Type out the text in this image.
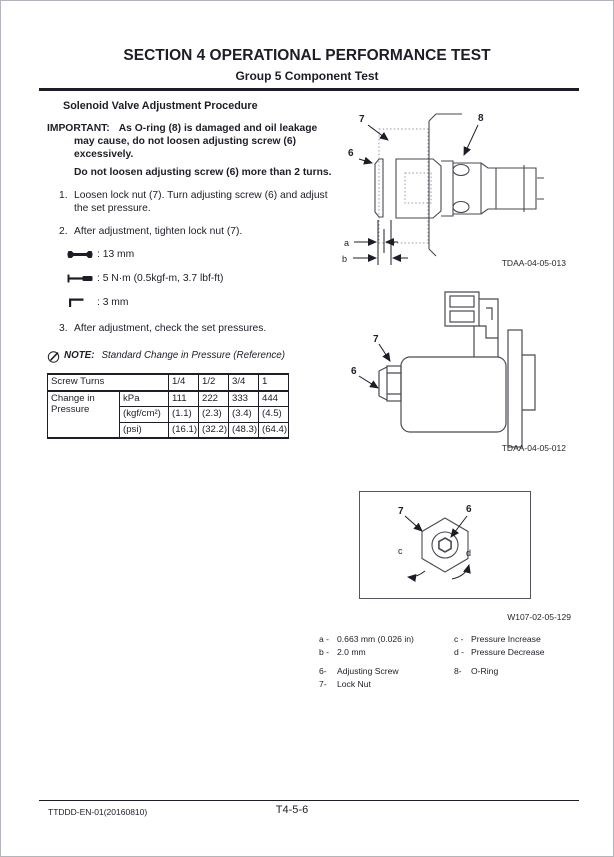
SECTION 4 OPERATIONAL PERFORMANCE TEST
Group 5 Component Test
Solenoid Valve Adjustment Procedure

IMPORTANT: As O-ring (8) is damaged and oil leakage may cause, do not loosen adjusting screw (6) excessively.

Do not loosen adjusting screw (6) more than 2 turns.

1. Loosen lock nut (7). Turn adjusting screw (6) and adjust the set pressure.
2. After adjustment, tighten lock nut (7).
: 13 mm
: 5 N·m (0.5kgf-m, 3.7 lbf-ft)
: 3 mm
3. After adjustment, check the set pressures.
NOTE: Standard Change in Pressure (Reference)
Screw Turns		1/4	1/2	3/4	1
Change in Pressure	kPa	111	222	333	444
	(kgf/cm²)	(1.1)	(2.3)	(3.4)	(4.5)
	(psi)	(16.1)	(32.2)	(48.3)	(64.4)
7	8
6
a
b	TDAA-04-05-013
7
6
TDAA-04-05-012
7	6
c	d
W107-02-05-129
a - 0.663 mm (0.026 in)	c - Pressure Increase
b - 2.0 mm	d - Pressure Decrease
6-	Adjusting Screw	8-	O-Ring
7-	Lock Nut
TTDDD-EN-01(20160810)	T4-5-6
